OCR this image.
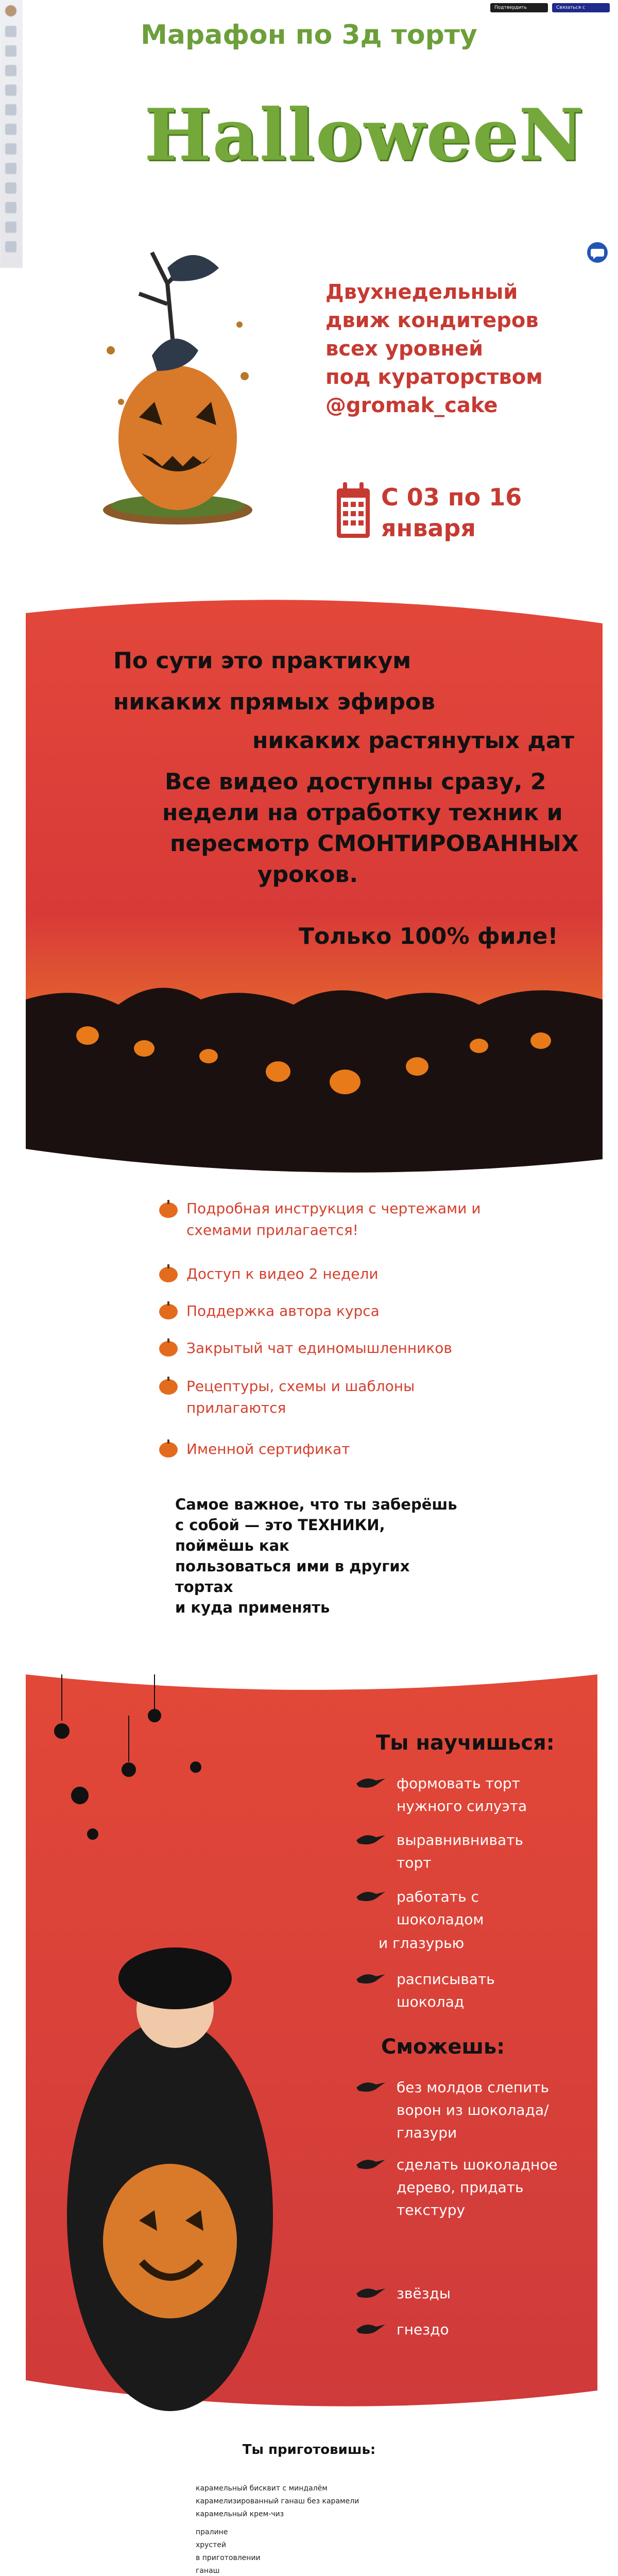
Подтвердить оплату
Связаться с автором
Марафон по 3д торту
HalloweeN
Двухнедельный
движ кондитеров
всех уровней
под кураторством
@gromak_cake
С 03 по 16
января
По сути это практикум
никаких прямых эфиров
никаких растянутых дат
Все видео доступны сразу, 2
недели на отработку техник и
пересмотр СМОНТИРОВАННЫХ
уроков.
Только 100% филе!
Подробная инструкция с чертежами и схемами прилагается!
Доступ к видео 2 недели
Поддержка автора курса
Закрытый чат единомышленников
Рецептуры, схемы и шаблоны прилагаются
Именной сертификат
Самое важное, что ты заберёшь
с собой — это ТЕХНИКИ, поймёшь как
пользоваться ими в других тортах
и куда применять
Ты научишься:
формовать торт нужного силуэта
выравнивнивать торт
работать с шоколадом
и глазурью
расписывать шоколад
Сможешь:
без молдов слепить ворон из шоколада/глазури
сделать шоколадное дерево, придать текстуру
звёзды
гнездо
Ты приготовишь:
карамельный бисквит с миндалём
карамелизированный ганаш без карамели
карамельный крем-чиз
пралине
хрустей
в приготовлении
ганаш
